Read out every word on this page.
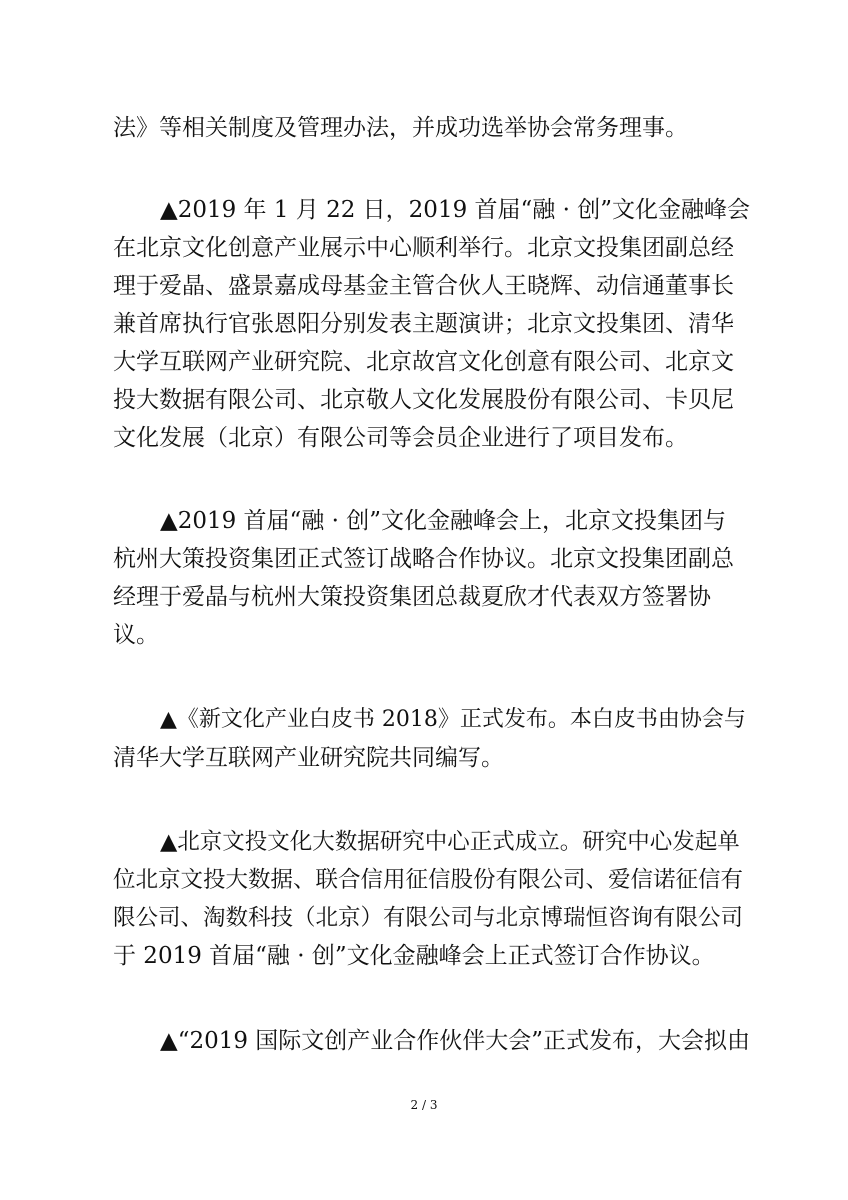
法》等相关制度及管理办法，并成功选举协会常务理事。
▲2019 年 1 月 22 日，2019 首届“融 · 创”文化金融峰会
在北京文化创意产业展示中心顺利举行。北京文投集团副总经
理于爱晶、盛景嘉成母基金主管合伙人王晓辉、动信通董事长
兼首席执行官张恩阳分别发表主题演讲；北京文投集团、清华
大学互联网产业研究院、北京故宫文化创意有限公司、北京文
投大数据有限公司、北京敬人文化发展股份有限公司、卡贝尼
文化发展（北京）有限公司等会员企业进行了项目发布。
▲2019 首届“融 · 创”文化金融峰会上，北京文投集团与
杭州大策投资集团正式签订战略合作协议。北京文投集团副总
经理于爱晶与杭州大策投资集团总裁夏欣才代表双方签署协
议。
▲《新文化产业白皮书 2018》正式发布。本白皮书由协会与
清华大学互联网产业研究院共同编写。
▲北京文投文化大数据研究中心正式成立。研究中心发起单
位北京文投大数据、联合信用征信股份有限公司、爱信诺征信有
限公司、淘数科技（北京）有限公司与北京博瑞恒咨询有限公司
于 2019 首届“融 · 创”文化金融峰会上正式签订合作协议。
▲“2019 国际文创产业合作伙伴大会”正式发布，大会拟由
2 / 3
